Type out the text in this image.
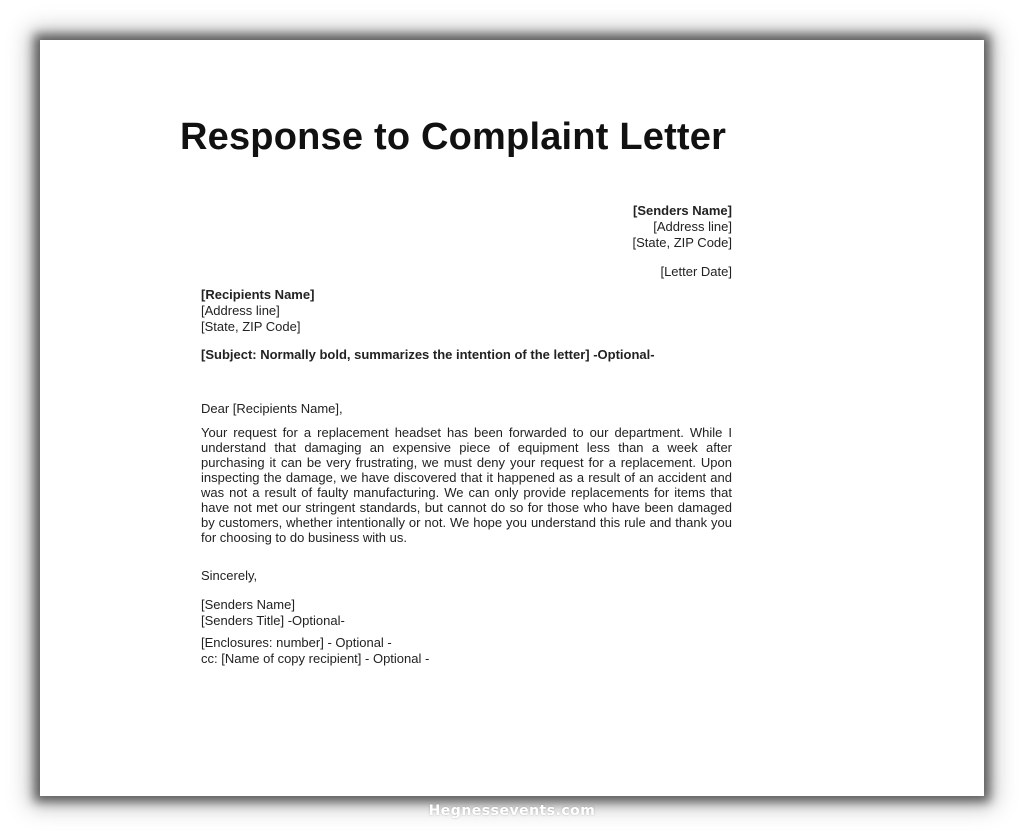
Response to Complaint Letter
[Senders Name]
[Address line]
[State, ZIP Code]
[Letter Date]
[Recipients Name]
[Address line]
[State, ZIP Code]
[Subject: Normally bold, summarizes the intention of the letter] -Optional-
Dear [Recipients Name],

Your request for a replacement headset has been forwarded to our department. While I understand that damaging an expensive piece of equipment less than a week after purchasing it can be very frustrating, we must deny your request for a replacement. Upon inspecting the damage, we have discovered that it happened as a result of an accident and was not a result of faulty manufacturing. We can only provide replacements for items that have not met our stringent standards, but cannot do so for those who have been damaged by customers, whether intentionally or not. We hope you understand this rule and thank you for choosing to do business with us.

Sincerely,
[Senders Name]
[Senders Title] -Optional-
[Enclosures: number] - Optional -
cc: [Name of copy recipient] - Optional -
Hegnessevents.com
